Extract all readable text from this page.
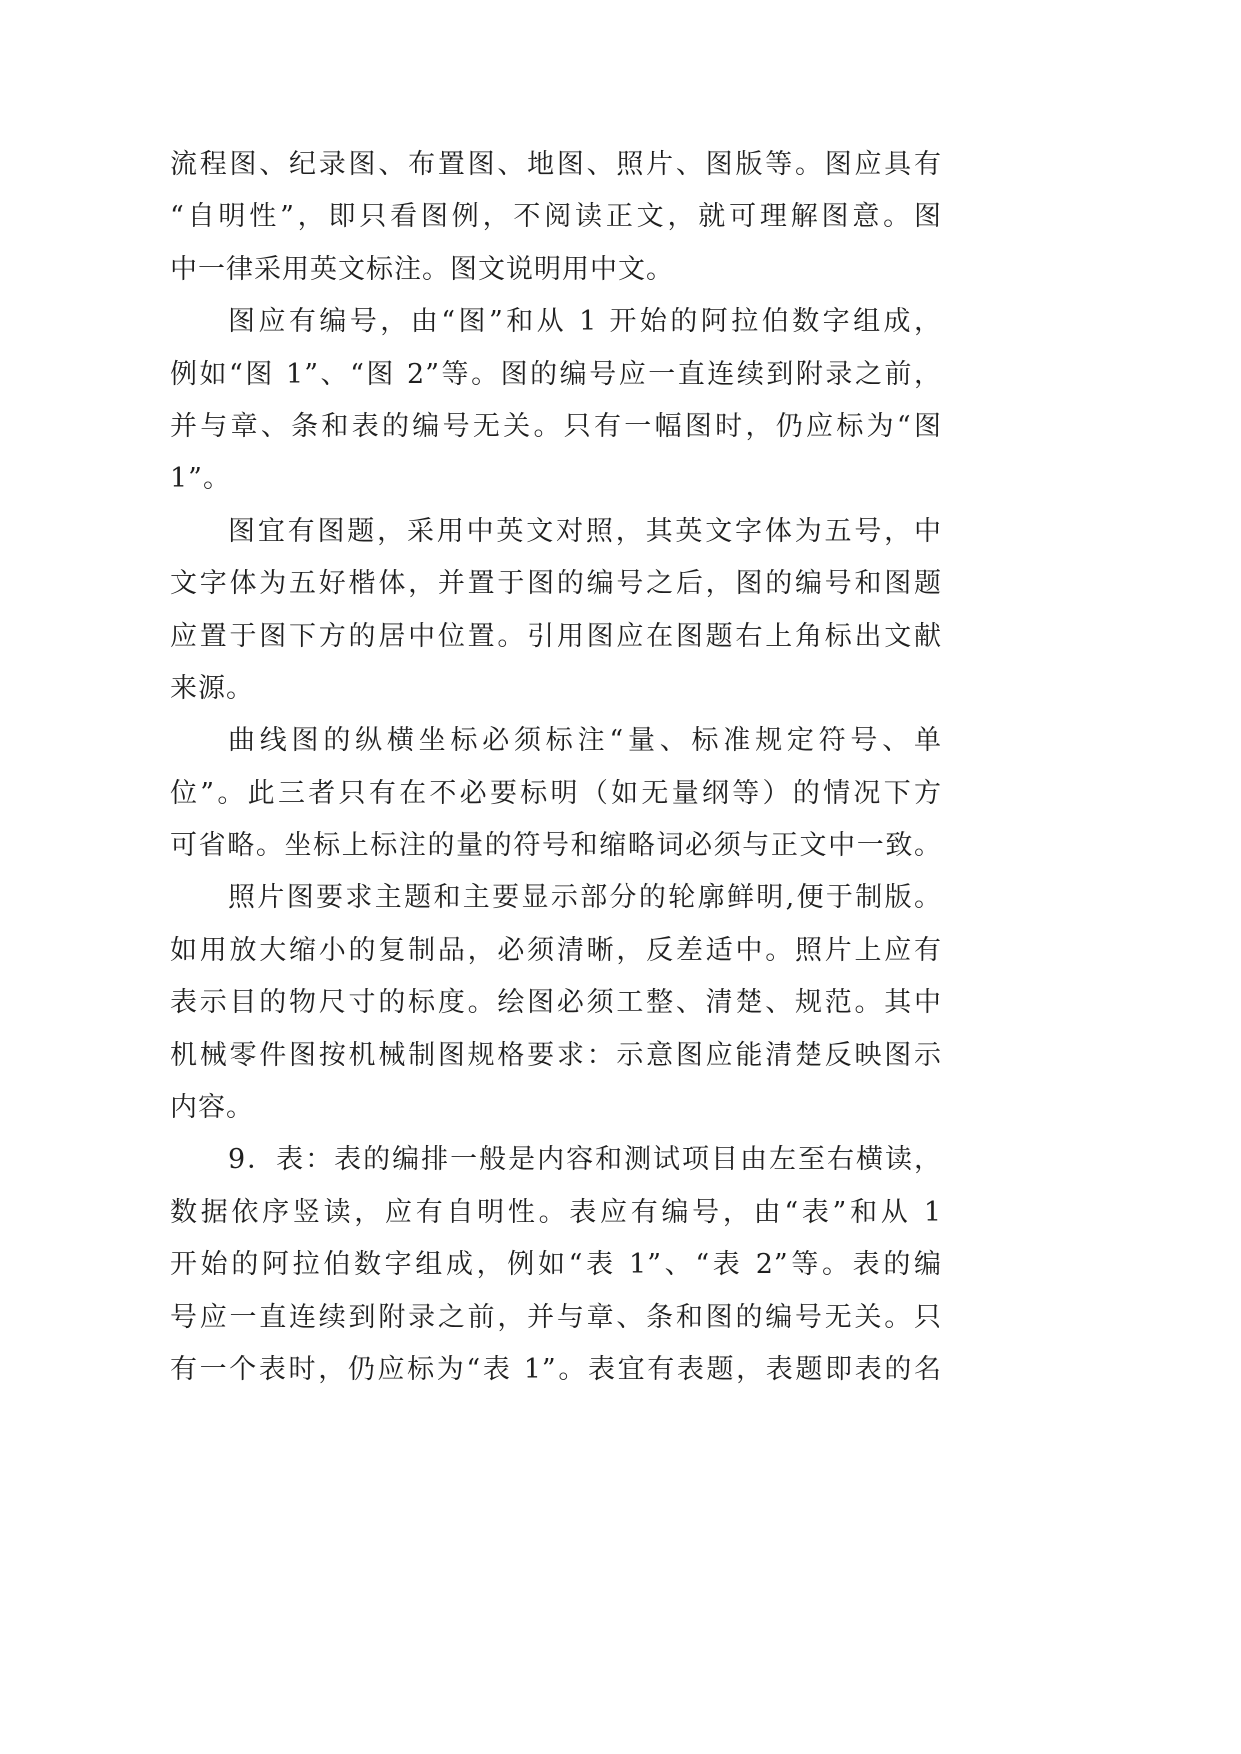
流程图、纪录图、布置图、地图、照片、图版等。图应具有
“自明性”，即只看图例，不阅读正文，就可理解图意。图
中一律采用英文标注。图文说明用中文。
图应有编号，由“图”和从 1 开始的阿拉伯数字组成，
例如“图 1”、“图 2”等。图的编号应一直连续到附录之前，
并与章、条和表的编号无关。只有一幅图时，仍应标为“图
1”。
图宜有图题，采用中英文对照，其英文字体为五号，中
文字体为五好楷体，并置于图的编号之后，图的编号和图题
应置于图下方的居中位置。引用图应在图题右上角标出文献
来源。
曲线图的纵横坐标必须标注“量、标准规定符号、单
位”。此三者只有在不必要标明（如无量纲等）的情况下方
可省略。坐标上标注的量的符号和缩略词必须与正文中一致。
照片图要求主题和主要显示部分的轮廓鲜明,便于制版。
如用放大缩小的复制品，必须清晰，反差适中。照片上应有
表示目的物尺寸的标度。绘图必须工整、清楚、规范。其中
机械零件图按机械制图规格要求：示意图应能清楚反映图示
内容。
9．表：表的编排一般是内容和测试项目由左至右横读，
数据依序竖读，应有自明性。表应有编号，由“表”和从 1
开始的阿拉伯数字组成，例如“表 1”、“表 2”等。表的编
号应一直连续到附录之前，并与章、条和图的编号无关。只
有一个表时，仍应标为“表 1”。表宜有表题，表题即表的名
